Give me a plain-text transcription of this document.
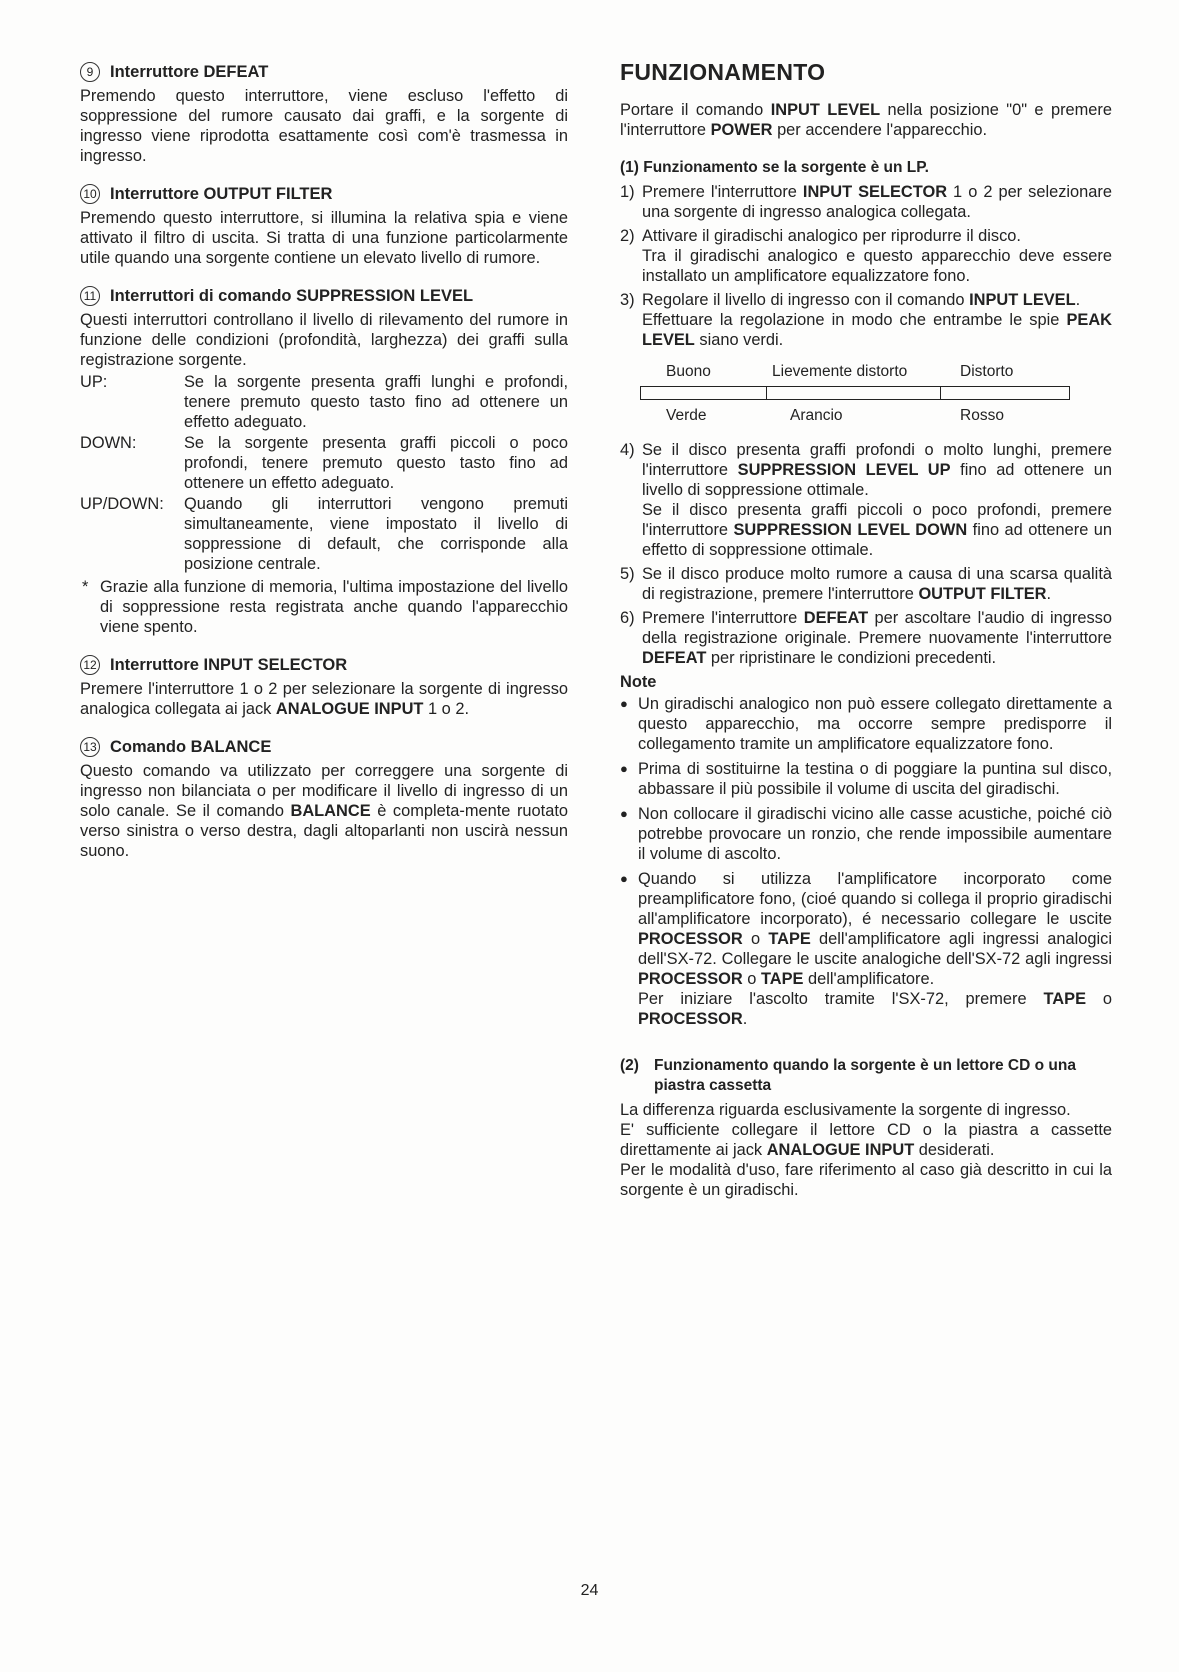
9	Interruttore DEFEAT

Premendo questo interruttore, viene escluso l'effetto di soppressione del rumore causato dai graffi, e la sorgente di ingresso viene riprodotta esattamente così com'è trasmessa in ingresso.

10 Interruttore OUTPUT FILTER

Premendo questo interruttore, si illumina la relativa spia e viene attivato il filtro di uscita. Si tratta di una funzione particolarmente utile quando una sorgente contiene un elevato livello di rumore.

11 Interruttori di comando SUPPRESSION LEVEL

Questi interruttori controllano il livello di rilevamento del rumore in funzione delle condizioni (profondità, larghezza) dei graffi sulla registrazione sorgente.

UP:	Se la sorgente presenta graffi lunghi e profondi, tenere premuto questo tasto fino ad ottenere un effetto adeguato.
DOWN:	Se la sorgente presenta graffi piccoli o poco profondi, tenere premuto questo tasto fino ad ottenere un effetto adeguato.
UP/DOWN:	Quando gli interruttori vengono premuti simultaneamente, viene impostato il livello di soppressione di default, che corrisponde alla posizione centrale.
* Grazie alla funzione di memoria, l'ultima impostazione del livello di soppressione resta registrata anche quando l'apparecchio viene spento.
12 Interruttore INPUT SELECTOR

Premere l'interruttore 1 o 2 per selezionare la sorgente di ingresso analogica collegata ai jack ANALOGUE INPUT 1 o 2.

13 Comando BALANCE

Questo comando va utilizzato per correggere una sorgente di ingresso non bilanciata o per modificare il livello di ingresso di un solo canale. Se il comando BALANCE è completa-mente ruotato verso sinistra o verso destra, dagli altoparlanti non uscirà nessun suono.

FUNZIONAMENTO

Portare il comando INPUT LEVEL nella posizione "0" e premere l'interruttore POWER per accendere l'apparecchio.

(1) Funzionamento se la sorgente è un LP.
1) Premere l'interruttore INPUT SELECTOR 1 o 2 per selezionare una sorgente di ingresso analogica collegata.
2) Attivare il giradischi analogico per riprodurre il disco.
Tra il giradischi analogico e questo apparecchio deve essere installato un amplificatore equalizzatore fono.
3) Regolare il livello di ingresso con il comando INPUT LEVEL.
Effettuare la regolazione in modo che entrambe le spie PEAK LEVEL siano verdi.
Buono	Lievemente distorto	Distorto
Verde	Arancio	Rosso
4) Se il disco presenta graffi profondi o molto lunghi, premere l'interruttore SUPPRESSION LEVEL UP fino ad ottenere un livello di soppressione ottimale.
Se il disco presenta graffi piccoli o poco profondi, premere l'interruttore SUPPRESSION LEVEL DOWN fino ad ottenere un effetto di soppressione ottimale.
5) Se il disco produce molto rumore a causa di una scarsa qualità di registrazione, premere l'interruttore OUTPUT FILTER.
6) Premere l'interruttore DEFEAT per ascoltare l'audio di ingresso della registrazione originale. Premere nuovamente l'interruttore DEFEAT per ripristinare le condizioni precedenti.
Note
● Un giradischi analogico non può essere collegato direttamente a questo apparecchio, ma occorre sempre predisporre il collegamento tramite un amplificatore equalizzatore fono.
● Prima di sostituirne la testina o di poggiare la puntina sul disco, abbassare il più possibile il volume di uscita del giradischi.
● Non collocare il giradischi vicino alle casse acustiche, poiché ciò potrebbe provocare un ronzio, che rende impossibile aumentare il volume di ascolto.
● Quando si utilizza l'amplificatore incorporato come preamplificatore fono, (cioé quando si collega il proprio giradischi all'amplificatore incorporato), é necessario collegare le uscite PROCESSOR o TAPE dell'amplificatore agli ingressi analogici dell'SX-72. Collegare le uscite analogiche dell'SX-72 agli ingressi PROCESSOR o TAPE dell'amplificatore.
Per iniziare l'ascolto tramite l'SX-72, premere TAPE o PROCESSOR.
(2) Funzionamento quando la sorgente è un lettore CD o una piastra cassetta

La differenza riguarda esclusivamente la sorgente di ingresso.

E' sufficiente collegare il lettore CD o la piastra a cassette direttamente ai jack ANALOGUE INPUT desiderati.

Per le modalità d'uso, fare riferimento al caso già descritto in cui la sorgente è un giradischi.

24
